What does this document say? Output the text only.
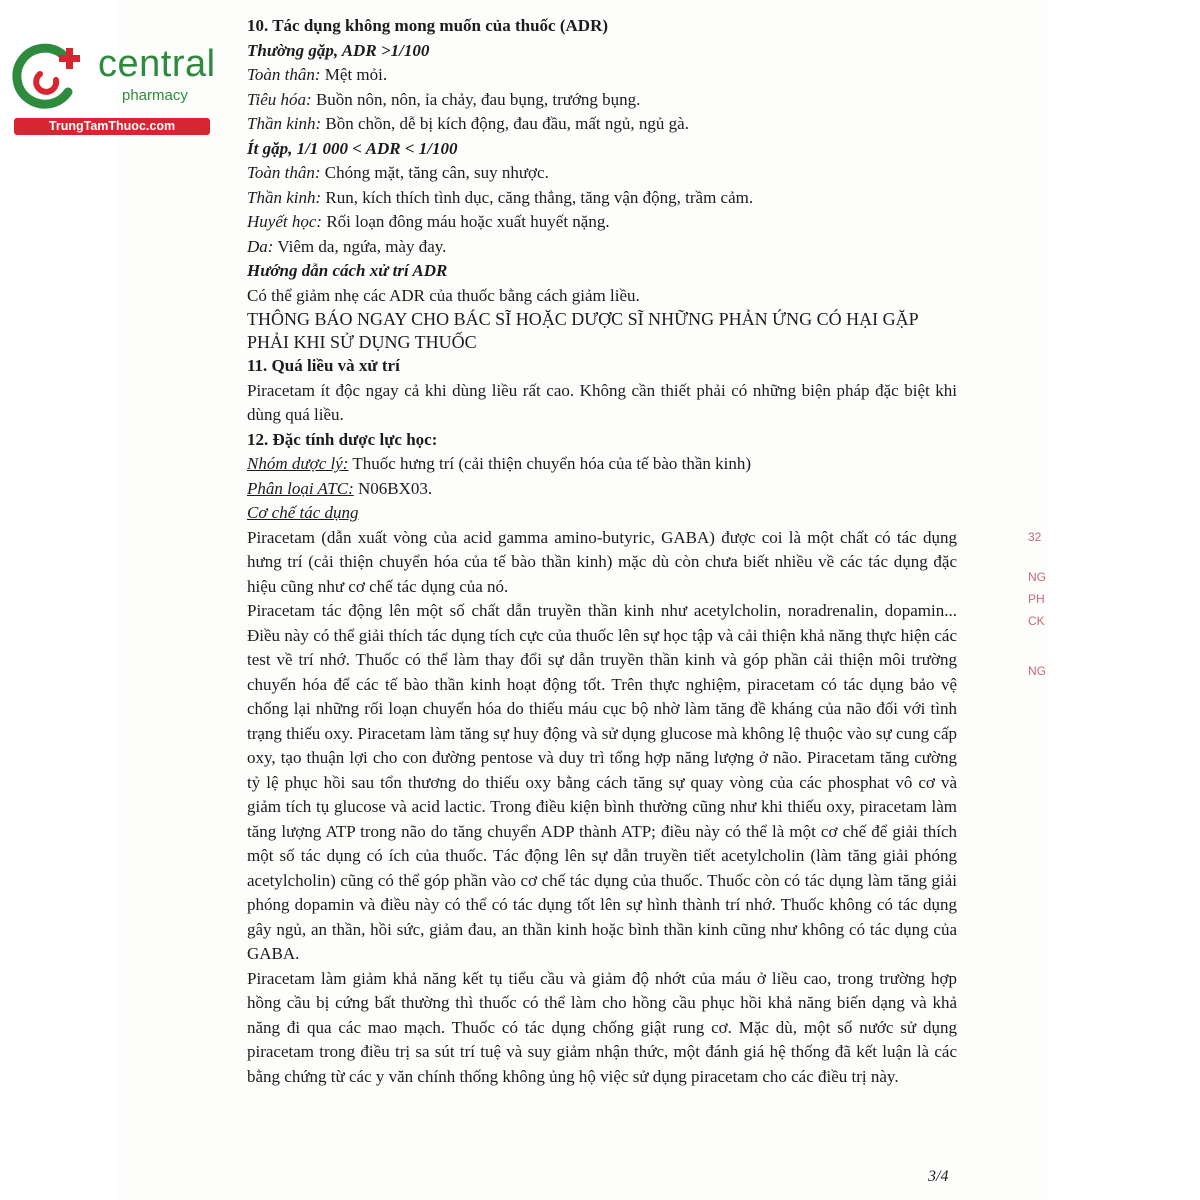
central
pharmacy
TrungTamThuoc.com

10. Tác dụng không mong muốn của thuốc (ADR)

Thường gặp, ADR >1/100

Toàn thân: Mệt mỏi.

Tiêu hóa: Buồn nôn, nôn, ỉa chảy, đau bụng, trướng bụng.

Thần kinh: Bồn chồn, dễ bị kích động, đau đầu, mất ngủ, ngủ gà.

Ít gặp, 1/1 000 < ADR < 1/100

Toàn thân: Chóng mặt, tăng cân, suy nhược.

Thần kinh: Run, kích thích tình dục, căng thẳng, tăng vận động, trầm cảm.

Huyết học: Rối loạn đông máu hoặc xuất huyết nặng.

Da: Viêm da, ngứa, mày đay.

Hướng dẫn cách xử trí ADR

Có thể giảm nhẹ các ADR của thuốc bằng cách giảm liều.

THÔNG BÁO NGAY CHO BÁC SĨ HOẶC DƯỢC SĨ NHỮNG PHẢN ỨNG CÓ HẠI GẶP

PHẢI KHI SỬ DỤNG THUỐC

11. Quá liều và xử trí

Piracetam ít độc ngay cả khi dùng liều rất cao. Không cần thiết phải có những biện pháp đặc biệt khi dùng quá liều.

12. Đặc tính dược lực học:

Nhóm dược lý: Thuốc hưng trí (cải thiện chuyển hóa của tế bào thần kinh)

Phân loại ATC: N06BX03.

Cơ chế tác dụng

Piracetam (dẫn xuất vòng của acid gamma amino-butyric, GABA) được coi là một chất có tác dụng hưng trí (cải thiện chuyển hóa của tế bào thần kinh) mặc dù còn chưa biết nhiều về các tác dụng đặc hiệu cũng như cơ chế tác dụng của nó.

Piracetam tác động lên một số chất dẫn truyền thần kinh như acetylcholin, noradrenalin, dopamin... Điều này có thể giải thích tác dụng tích cực của thuốc lên sự học tập và cải thiện khả năng thực hiện các test về trí nhớ. Thuốc có thể làm thay đổi sự dẫn truyền thần kinh và góp phần cải thiện môi trường chuyển hóa để các tế bào thần kinh hoạt động tốt. Trên thực nghiệm, piracetam có tác dụng bảo vệ chống lại những rối loạn chuyển hóa do thiếu máu cục bộ nhờ làm tăng đề kháng của não đối với tình trạng thiếu oxy. Piracetam làm tăng sự huy động và sử dụng glucose mà không lệ thuộc vào sự cung cấp oxy, tạo thuận lợi cho con đường pentose và duy trì tổng hợp năng lượng ở não. Piracetam tăng cường tỷ lệ phục hồi sau tổn thương do thiếu oxy bằng cách tăng sự quay vòng của các phosphat vô cơ và giảm tích tụ glucose và acid lactic. Trong điều kiện bình thường cũng như khi thiếu oxy, piracetam làm tăng lượng ATP trong não do tăng chuyển ADP thành ATP; điều này có thể là một cơ chế để giải thích một số tác dụng có ích của thuốc. Tác động lên sự dẫn truyền tiết acetylcholin (làm tăng giải phóng acetylcholin) cũng có thể góp phần vào cơ chế tác dụng của thuốc. Thuốc còn có tác dụng làm tăng giải phóng dopamin và điều này có thể có tác dụng tốt lên sự hình thành trí nhớ. Thuốc không có tác dụng gây ngủ, an thần, hồi sức, giảm đau, an thần kinh hoặc bình thần kinh cũng như không có tác dụng của GABA.

Piracetam làm giảm khả năng kết tụ tiểu cầu và giảm độ nhớt của máu ở liều cao, trong trường hợp hồng cầu bị cứng bất thường thì thuốc có thể làm cho hồng cầu phục hồi khả năng biến dạng và khả năng đi qua các mao mạch. Thuốc có tác dụng chống giật rung cơ. Mặc dù, một số nước sử dụng piracetam trong điều trị sa sút trí tuệ và suy giảm nhận thức, một đánh giá hệ thống đã kết luận là các bằng chứng từ các y văn chính thống không ủng hộ việc sử dụng piracetam cho các điều trị này.

3/4
32
NG
PH
CK
NG
